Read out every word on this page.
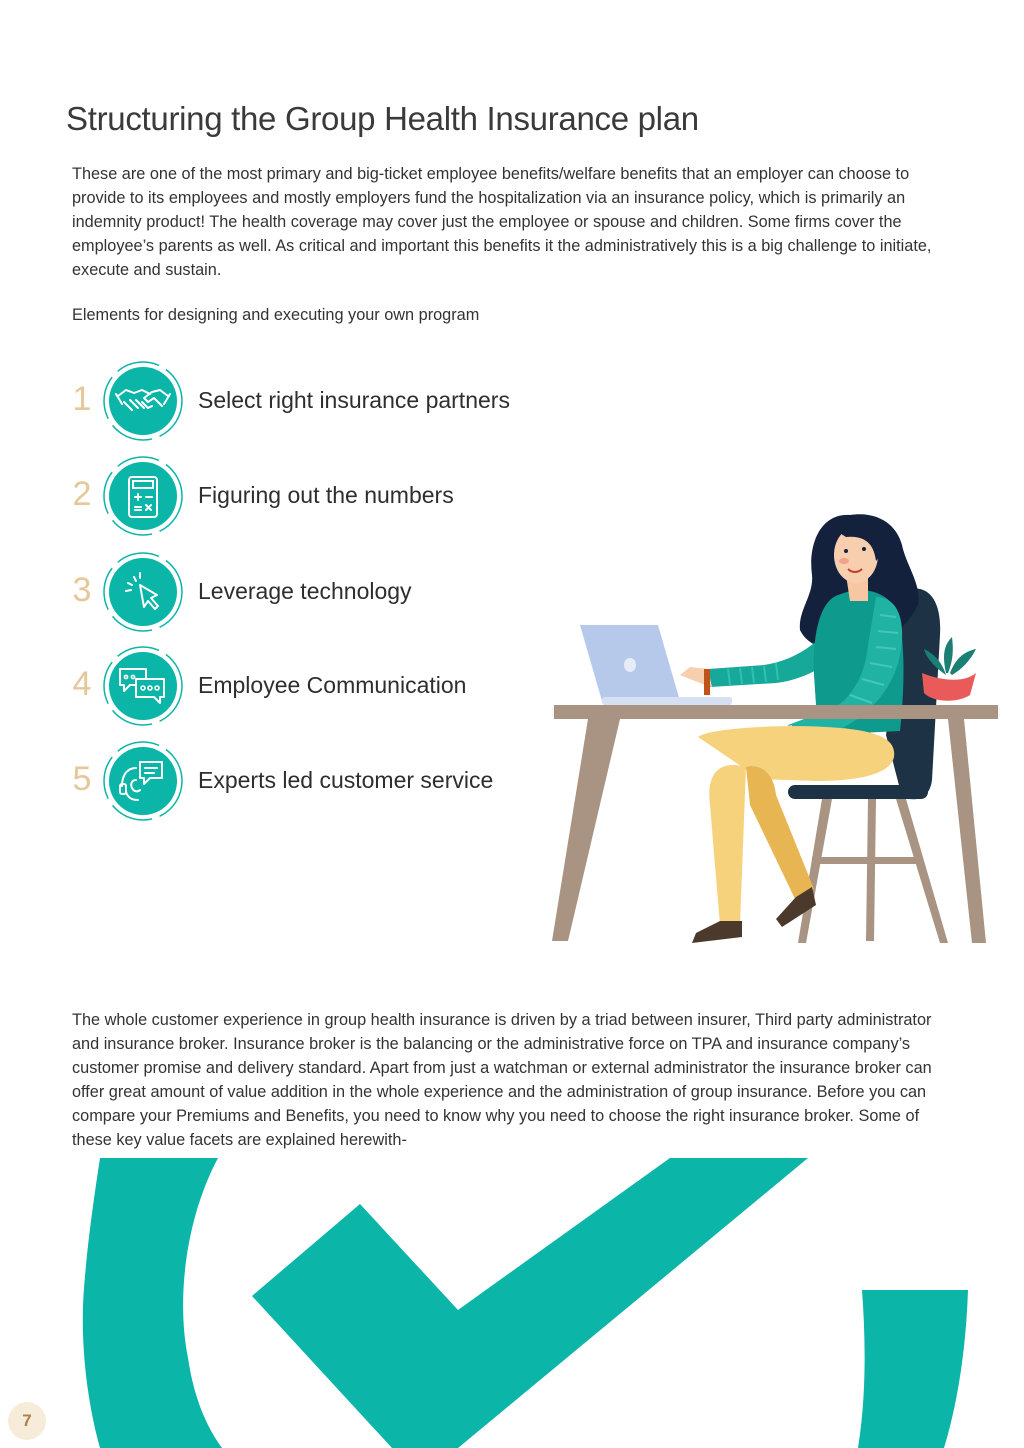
Structuring the Group Health Insurance plan

These are one of the most primary and big-ticket employee benefits/welfare benefits that an employer can choose to provide to its employees and mostly employers fund the hospitalization via an insurance policy, which is primarily an indemnity product! The health coverage may cover just the employee or spouse and children. Some firms cover the employee’s parents as well. As critical and important this benefits it the administratively this is a big challenge to initiate, execute and sustain.

Elements for designing and executing your own program
1	Select right insurance partners
2	Figuring out the numbers
3	Leverage technology
4	Employee Communication
5	Experts led customer service

The whole customer experience in group health insurance is driven by a triad between insurer, Third party administrator and insurance broker. Insurance broker is the balancing or the administrative force on TPA and insurance company’s customer promise and delivery standard. Apart from just a watchman or external administrator the insurance broker can offer great amount of value addition in the whole experience and the administration of group insurance. Before you can compare your Premiums and Benefits, you need to know why you need to choose the right insurance broker. Some of these key value facets are explained herewith-

7
